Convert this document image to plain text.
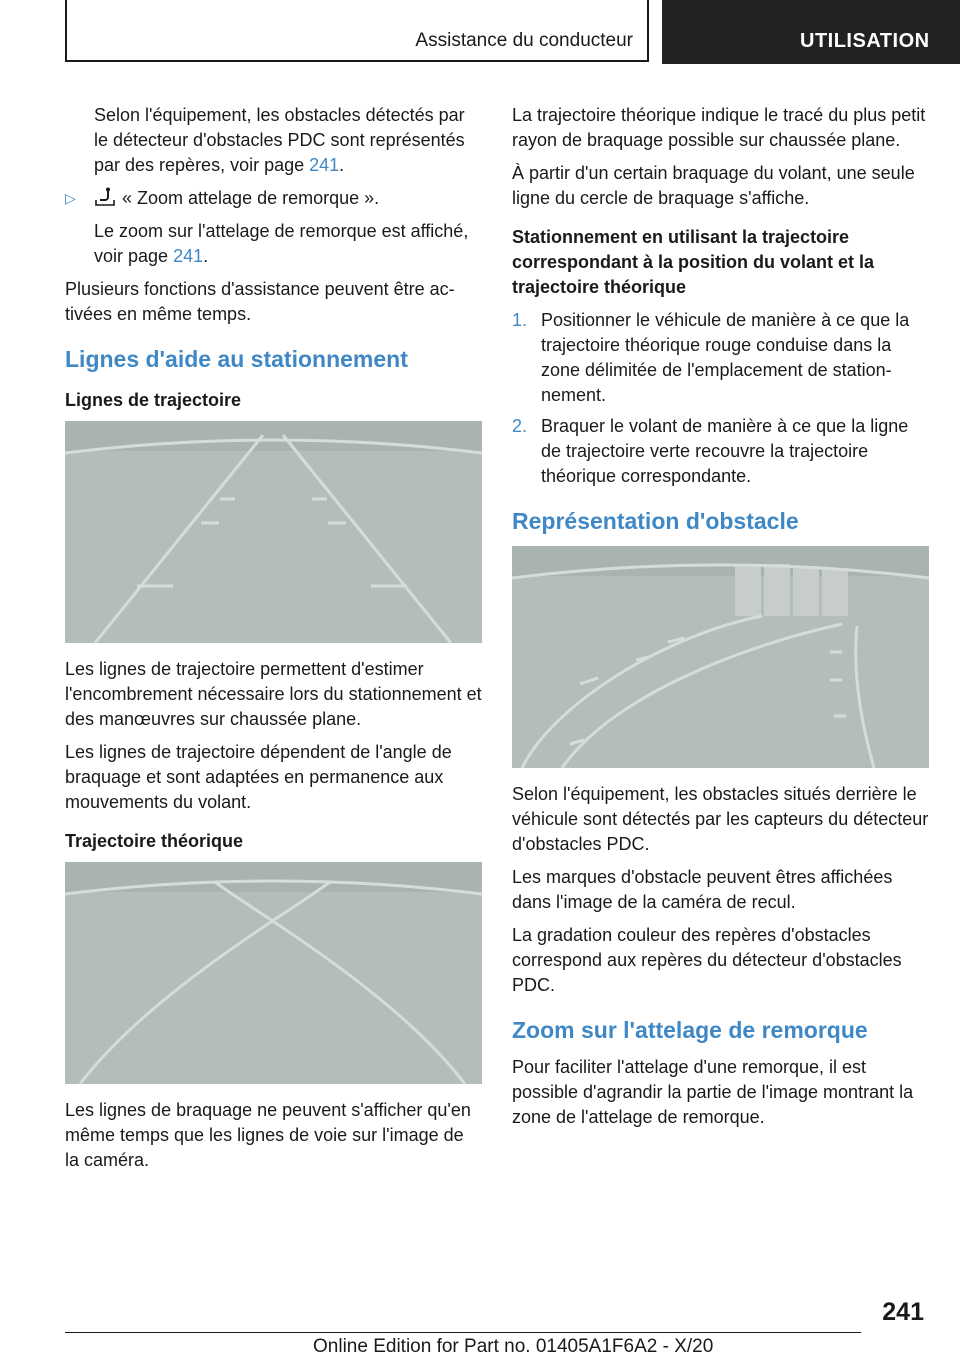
Assistance du conducteur	UTILISATION

Selon l'équipement, les obstacles détectés par le détecteur d'obstacles PDC sont représentés par des repères, voir page 241.

▷	« Zoom attelage de remorque ».

Le zoom sur l'attelage de remorque est affiché, voir page 241.

Plusieurs fonctions d'assistance peuvent être activées en même temps.

Lignes d'aide au stationnement
Lignes de trajectoire

Les lignes de trajectoire permettent d'estimer l'encombrement nécessaire lors du stationnement et des manœuvres sur chaussée plane.

Les lignes de trajectoire dépendent de l'angle de braquage et sont adaptées en permanence aux mouvements du volant.

Trajectoire théorique

Les lignes de braquage ne peuvent s'afficher qu'en même temps que les lignes de voie sur l'image de la caméra.

La trajectoire théorique indique le tracé du plus petit rayon de braquage possible sur chaussée plane.

À partir d'un certain braquage du volant, une seule ligne du cercle de braquage s'affiche.

Stationnement en utilisant la trajectoire correspondant à la position du volant et la trajectoire théorique
1. Positionner le véhicule de manière à ce que la trajectoire théorique rouge conduise dans la zone délimitée de l'emplacement de stationnement.
2. Braquer le volant de manière à ce que la ligne de trajectoire verte recouvre la trajectoire théorique correspondante.
Représentation d'obstacle

Selon l'équipement, les obstacles situés derrière le véhicule sont détectés par les capteurs du détecteur d'obstacles PDC.

Les marques d'obstacle peuvent êtres affichées dans l'image de la caméra de recul.

La gradation couleur des repères d'obstacles correspond aux repères du détecteur d'obstacles PDC.

Zoom sur l'attelage de remorque

Pour faciliter l'attelage d'une remorque, il est possible d'agrandir la partie de l'image montrant la zone de l'attelage de remorque.

241
Online Edition for Part no. 01405A1F6A2 - X/20
